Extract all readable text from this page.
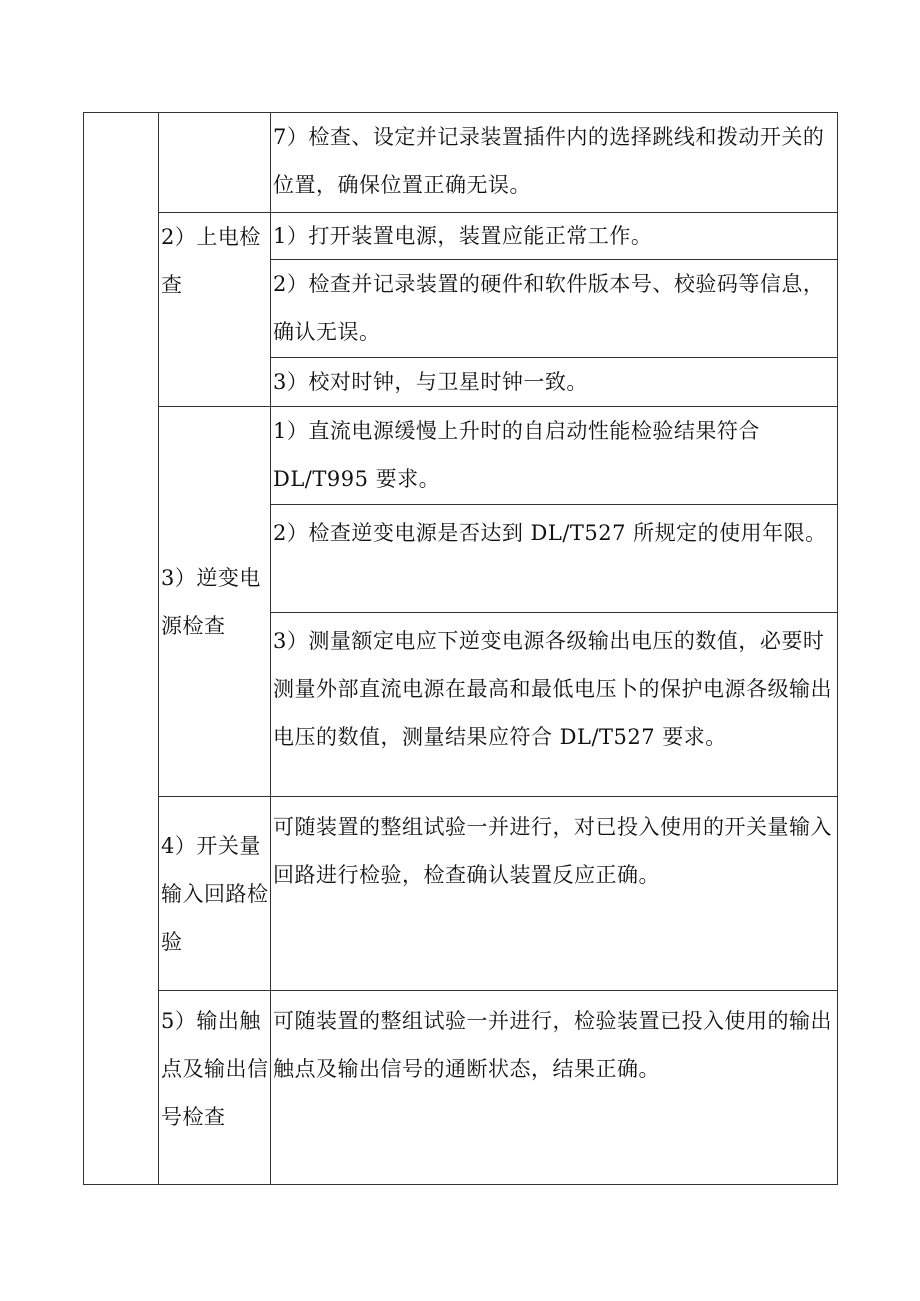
		7）检查、设定并记录装置插件内的选择跳线和拨动开关的位置，确保位置正确无误。

	2）上电检查	1）打开装置电源，装置应能正常工作。

		2）检查并记录装置的硬件和软件版本号、校验码等信息，确认无误。

		3）校对时钟，与卫星时钟一致。

	3）逆变电源检查	1）直流电源缓慢上升时的自启动性能检验结果符合DL/T995 要求。

		2）检查逆变电源是否达到 DL/T527 所规定的使用年限。

		3）测量额定电应下逆变电源各级输出电压的数值，必要时测量外部直流电源在最高和最低电压卜的保护电源各级输出电压的数值，测量结果应符合 DL/T527 要求。

	4）开关量输入回路检验	可随装置的整组试验一并进行，对已投入使用的开关量输入回路进行检验，检查确认装置反应正确。

	5）输出触点及输出信号检查	可随装置的整组试验一并进行，检验装置已投入使用的输出触点及输出信号的通断状态，结果正确。
